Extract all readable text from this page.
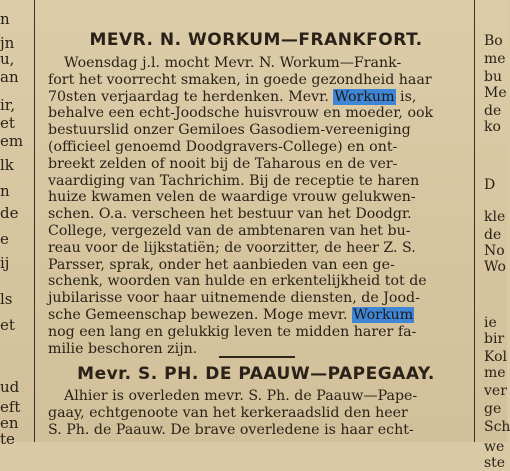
n
jn
u,
an
ir,
et
em
lk
n
de
e
ij
ls
et
ud
eft
en
te
MEVR. N. WORKUM—FRANKFORT.
Woensdag j.l. mocht Mevr. N. Workum—Frank-
fort het voorrecht smaken, in goede gezondheid haar
70sten verjaardag te herdenken. Mevr. Workum is,
behalve een echt-Joodsche huisvrouw en moeder, ook
bestuurslid onzer Gemiloes Gasodiem-vereeniging
(officieel genoemd Doodgravers-College) en ont-
breekt zelden of nooit bij de Taharous en de ver-
vaardiging van Tachrichim. Bij de receptie te haren
huize kwamen velen de waardige vrouw gelukwen-
schen. O.a. verscheen het bestuur van het Doodgr.
College, vergezeld van de ambtenaren van het bu-
reau voor de lijkstatiën; de voorzitter, de heer Z. S.
Parsser, sprak, onder het aanbieden van een ge-
schenk, woorden van hulde en erkentelijkheid tot de
jubilarisse voor haar uitnemende diensten, de Jood-
sche Gemeenschap bewezen. Moge mevr. Workum
nog een lang en gelukkig leven te midden harer fa-
milie beschoren zijn.
Mevr. S. PH. DE PAAUW—PAPEGAAY.
Alhier is overleden mevr. S. Ph. de Paauw—Pape-
gaay, echtgenoote van het kerkeraadslid den heer
S. Ph. de Paauw. De brave overledene is haar echt-
Bo
me
bu
Me
de
ko
D
kle
de
No
Wo
ie
bir
Kol
me
ver
ge
Sch
we
ste
